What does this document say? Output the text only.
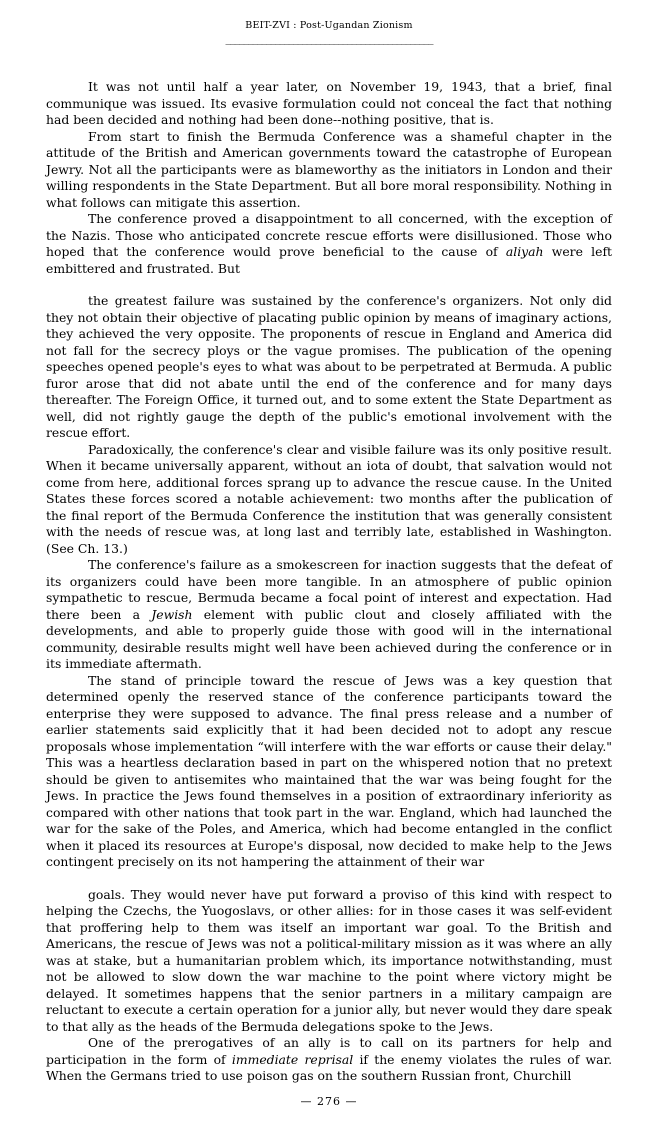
BEIT-ZVI : Post-Ugandan Zionism
______________________________________________

It was not until half a year later, on November 19, 1943, that a brief, final communique was issued. Its evasive formulation could not conceal the fact that nothing had been decided and nothing had been done--nothing positive, that is.

From start to finish the Bermuda Conference was a shameful chapter in the attitude of the British and American governments toward the catastrophe of European Jewry. Not all the participants were as blameworthy as the initiators in London and their willing respondents in the State Department. But all bore moral responsibility. Nothing in what follows can mitigate this assertion.

The conference proved a disappointment to all concerned, with the exception of the Nazis. Those who anticipated concrete rescue efforts were disillusioned. Those who hoped that the conference would prove beneficial to the cause of aliyah were left embittered and frustrated. But

the greatest failure was sustained by the conference's organizers. Not only did they not obtain their objective of placating public opinion by means of imaginary actions, they achieved the very opposite. The proponents of rescue in England and America did not fall for the secrecy ploys or the vague promises. The publication of the opening speeches opened people's eyes to what was about to be perpetrated at Bermuda. A public furor arose that did not abate until the end of the conference and for many days thereafter. The Foreign Office, it turned out, and to some extent the State Department as well, did not rightly gauge the depth of the public's emotional involvement with the rescue effort.

Paradoxically, the conference's clear and visible failure was its only positive result. When it became universally apparent, without an iota of doubt, that salvation would not come from here, additional forces sprang up to advance the rescue cause. In the United States these forces scored a notable achievement: two months after the publication of the final report of the Bermuda Conference the institution that was generally consistent with the needs of rescue was, at long last and terribly late, established in Washington. (See Ch. 13.)

The conference's failure as a smokescreen for inaction suggests that the defeat of its organizers could have been more tangible. In an atmosphere of public opinion sympathetic to rescue, Bermuda became a focal point of interest and expectation. Had there been a Jewish element with public clout and closely affiliated with the developments, and able to properly guide those with good will in the international community, desirable results might well have been achieved during the conference or in its immediate aftermath.

The stand of principle toward the rescue of Jews was a key question that determined openly the reserved stance of the conference participants toward the enterprise they were supposed to advance. The final press release and a number of earlier statements said explicitly that it had been decided not to adopt any rescue proposals whose implementation “will interfere with the war efforts or cause their delay." This was a heartless declaration based in part on the whispered notion that no pretext should be given to antisemites who maintained that the war was being fought for the Jews. In practice the Jews found themselves in a position of extraordinary inferiority as compared with other nations that took part in the war. England, which had launched the war for the sake of the Poles, and America, which had become entangled in the conflict when it placed its resources at Europe's disposal, now decided to make help to the Jews contingent precisely on its not hampering the attainment of their war

goals. They would never have put forward a proviso of this kind with respect to helping the Czechs, the Yuogoslavs, or other allies: for in those cases it was self-evident that proffering help to them was itself an important war goal. To the British and Americans, the rescue of Jews was not a political-military mission as it was where an ally was at stake, but a humanitarian problem which, its importance notwithstanding, must not be allowed to slow down the war machine to the point where victory might be delayed. It sometimes happens that the senior partners in a military campaign are reluctant to execute a certain operation for a junior ally, but never would they dare speak to that ally as the heads of the Bermuda delegations spoke to the Jews.

One of the prerogatives of an ally is to call on its partners for help and participation in the form of immediate reprisal if the enemy violates the rules of war. When the Germans tried to use poison gas on the southern Russian front, Churchill

— 276 —
